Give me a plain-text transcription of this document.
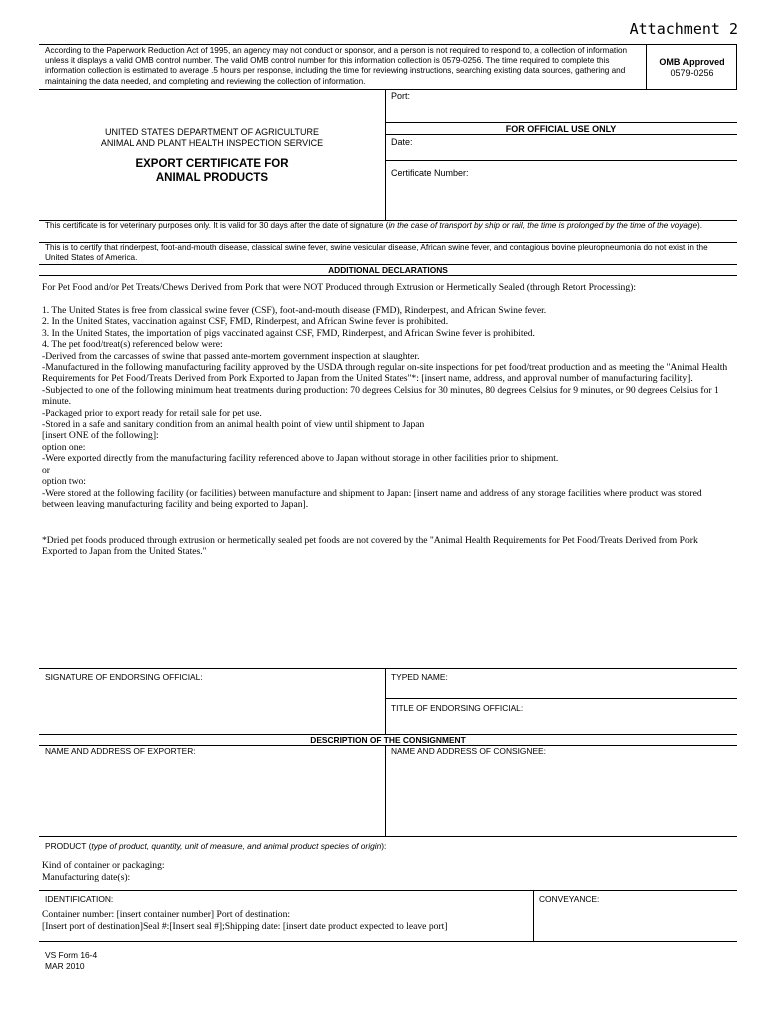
Attachment 2
According to the Paperwork Reduction Act of 1995, an agency may not conduct or sponsor, and a person is not required to respond to, a collection of information unless it displays a valid OMB control number. The valid OMB control number for this information collection is 0579-0256. The time required to complete this information collection is estimated to average .5 hours per response, including the time for reviewing instructions, searching existing data sources, gathering and maintaining the data needed, and completing and reviewing the collection of information.
OMB Approved
0579-0256
Port:
FOR OFFICIAL USE ONLY
Date:
Certificate Number:
UNITED STATES DEPARTMENT OF AGRICULTURE
ANIMAL AND PLANT HEALTH INSPECTION SERVICE
EXPORT CERTIFICATE FOR
ANIMAL PRODUCTS
This certificate is for veterinary purposes only. It is valid for 30 days after the date of signature (in the case of transport by ship or rail, the time is prolonged by the time of the voyage).
This is to certify that rinderpest, foot-and-mouth disease, classical swine fever, swine vesicular disease, African swine fever, and contagious bovine pleuropneumonia do not exist in the United States of America.
ADDITIONAL DECLARATIONS
For Pet Food and/or Pet Treats/Chews Derived from Pork that were NOT Produced through Extrusion or Hermetically Sealed (through Retort Processing):
1. The United States is free from classical swine fever (CSF), foot-and-mouth disease (FMD), Rinderpest, and African Swine fever.
2. In the United States, vaccination against CSF, FMD, Rinderpest, and African Swine fever is prohibited.
3. In the United States, the importation of pigs vaccinated against CSF, FMD, Rinderpest, and African Swine fever is prohibited.
4. The pet food/treat(s) referenced below were:
-Derived from the carcasses of swine that passed ante-mortem government inspection at slaughter.
-Manufactured in the following manufacturing facility approved by the USDA through regular on-site inspections for pet food/treat production and as meeting the "Animal Health Requirements for Pet Food/Treats Derived from Pork Exported to Japan from the United States"*: [insert name, address, and approval number of manufacturing facility].
-Subjected to one of the following minimum heat treatments during production: 70 degrees Celsius for 30 minutes, 80 degrees Celsius for 9 minutes, or 90 degrees Celsius for 1 minute.
-Packaged prior to export ready for retail sale for pet use.
-Stored in a safe and sanitary condition from an animal health point of view until shipment to Japan
[insert ONE of the following]:
option one:
-Were exported directly from the manufacturing facility referenced above to Japan without storage in other facilities prior to shipment.
or
option two:
-Were stored at the following facility (or facilities) between manufacture and shipment to Japan: [insert name and address of any storage facilities where product was stored between leaving manufacturing facility and being exported to Japan].
*Dried pet foods produced through extrusion or hermetically sealed pet foods are not covered by the "Animal Health Requirements for Pet Food/Treats Derived from Pork Exported to Japan from the United States."
SIGNATURE OF ENDORSING OFFICIAL:	TYPED NAME:
TITLE OF ENDORSING OFFICIAL:
DESCRIPTION OF THE CONSIGNMENT
NAME AND ADDRESS OF EXPORTER:	NAME AND ADDRESS OF CONSIGNEE:
PRODUCT (type of product, quantity, unit of measure, and animal product species of origin):
Kind of container or packaging:
Manufacturing date(s):
IDENTIFICATION:	CONVEYANCE:
Container number: [insert container number] Port of destination:
[Insert port of destination]Seal #:[Insert seal #];Shipping date: [insert date product expected to leave port]
VS Form 16-4
MAR 2010
